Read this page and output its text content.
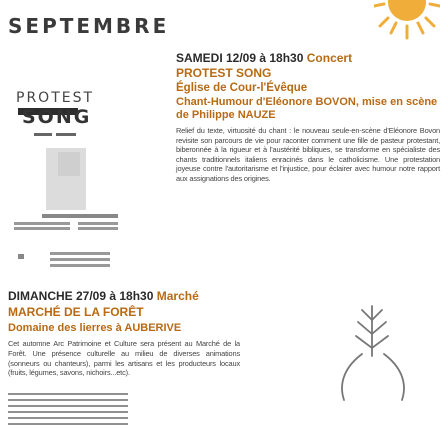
SEPTEMBRE
PROTEST
SONG

SAMEDI 12/09 à 18h30 Concert

PROTEST SONG

Église de Cour-l'Évêque

Chant-Humour d'Eléonore BOVON, mise en scène de Philippe NAUZE

Relief du texte, virtuosité du chant : le nouveau seule-en-scène d'Eléonore Bovon revisite son parcours de vie pour raconter comment une fille de pasteur protestant, biberonnée à la rigueur et à l'austérité bibliques, se transforme en spécialiste des chants traditionnels italiens enracinés dans le catholicisme. Une protestation joyeuse contre l'autoritarisme et l'injustice, pour éclairer avec humour notre rapport aux assignations des origines.

DIMANCHE 27/09 à 18h30 Marché

MARCHÉ DE LA FORÊT

Domaine des lierres à AUBERIVE

Cet automne Arc Patrimoine et Culture sera présent au Marché de la Forêt. Une présence culturelle au milieu de diverses animations (sonneurs ou chanteurs), parmi les artisans et les producteurs locaux (fruits, légumes, savons, nichoirs...etc).
